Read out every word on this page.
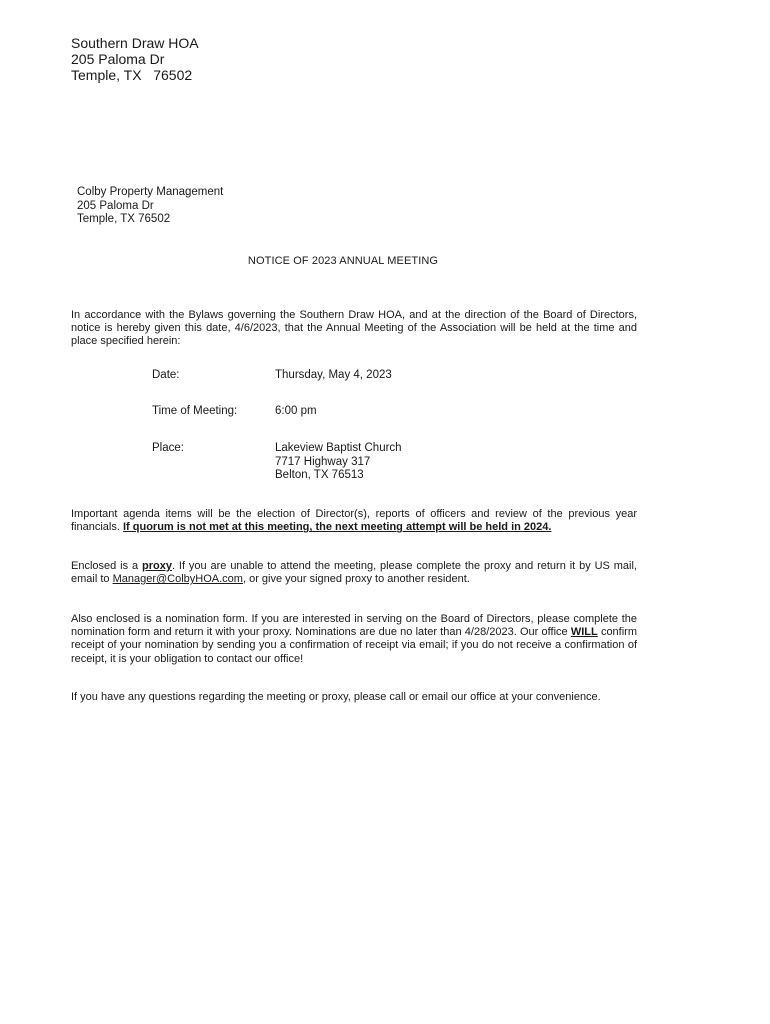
Southern Draw HOA
205 Paloma Dr
Temple, TX   76502
Colby Property Management
205 Paloma Dr
Temple, TX 76502
NOTICE OF 2023 ANNUAL MEETING
In accordance with the Bylaws governing the Southern Draw HOA, and at the direction of the Board of Directors, notice is hereby given this date, 4/6/2023, that the Annual Meeting of the Association will be held at the time and place specified herein:
Date:	Thursday, May 4, 2023
Time of Meeting:	6:00 pm
Place:	Lakeview Baptist Church
7717 Highway 317
Belton, TX 76513
Important agenda items will be the election of Director(s), reports of officers and review of the previous year financials. If quorum is not met at this meeting, the next meeting attempt will be held in 2024.
Enclosed is a proxy. If you are unable to attend the meeting, please complete the proxy and return it by US mail, email to Manager@ColbyHOA.com, or give your signed proxy to another resident.
Also enclosed is a nomination form. If you are interested in serving on the Board of Directors, please complete the nomination form and return it with your proxy. Nominations are due no later than 4/28/2023. Our office WILL confirm receipt of your nomination by sending you a confirmation of receipt via email; if you do not receive a confirmation of receipt, it is your obligation to contact our office!
If you have any questions regarding the meeting or proxy, please call or email our office at your convenience.
